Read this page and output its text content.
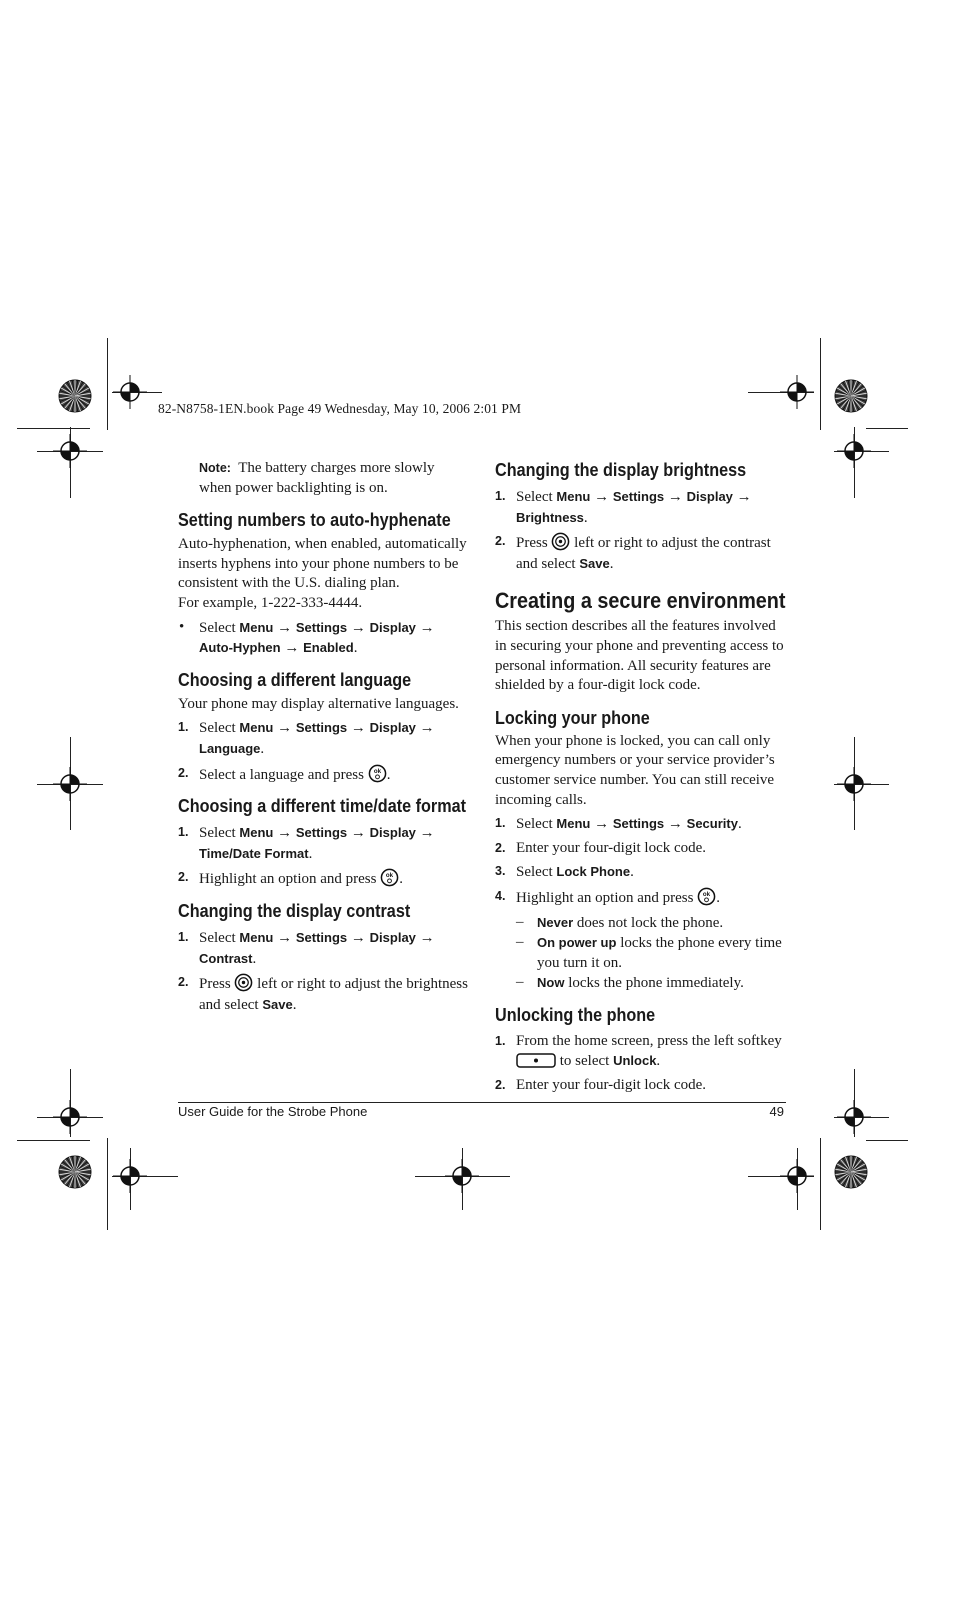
82-N8758-1EN.book Page 49 Wednesday, May 10, 2006 2:01 PM

Note: The battery charges more slowly when power backlighting is on.

Setting numbers to auto-hyphenate

Auto-hyphenation, when enabled, automatically inserts hyphens into your phone numbers to be consistent with the U.S. dialing plan.

For example, 1-222-333-4444.

• Select Menu → Settings → Display →
Auto-Hyphen → Enabled.
Choosing a different language

Your phone may display alternative languages.

1. Select Menu → Settings → Display →
Language.
2. Select a language and press ok .
Choosing a different time/date format
1. Select Menu → Settings → Display →
Time/Date Format.
2. Highlight an option and press ok .
Changing the display contrast
1. Select Menu → Settings → Display →
Contrast.
2. Press left or right to adjust the brightness and select Save.
Changing the display brightness
1. Select Menu → Settings → Display →
Brightness.
2. Press left or right to adjust the contrast and select Save.
Creating a secure environment

This section describes all the features involved in securing your phone and preventing access to personal information. All security features are shielded by a four-digit lock code.

Locking your phone

When your phone is locked, you can call only emergency numbers or your service provider’s customer service number. You can still receive incoming calls.

1. Select Menu → Settings → Security.
2. Enter your four-digit lock code.
3. Select Lock Phone.
4. Highlight an option and press ok .
– Never does not lock the phone.
– On power up locks the phone every time you turn it on.
– Now locks the phone immediately.
Unlocking the phone
1. From the home screen, press the left softkey
to select Unlock.
2. Enter your four-digit lock code.
User Guide for the Strobe Phone	49
